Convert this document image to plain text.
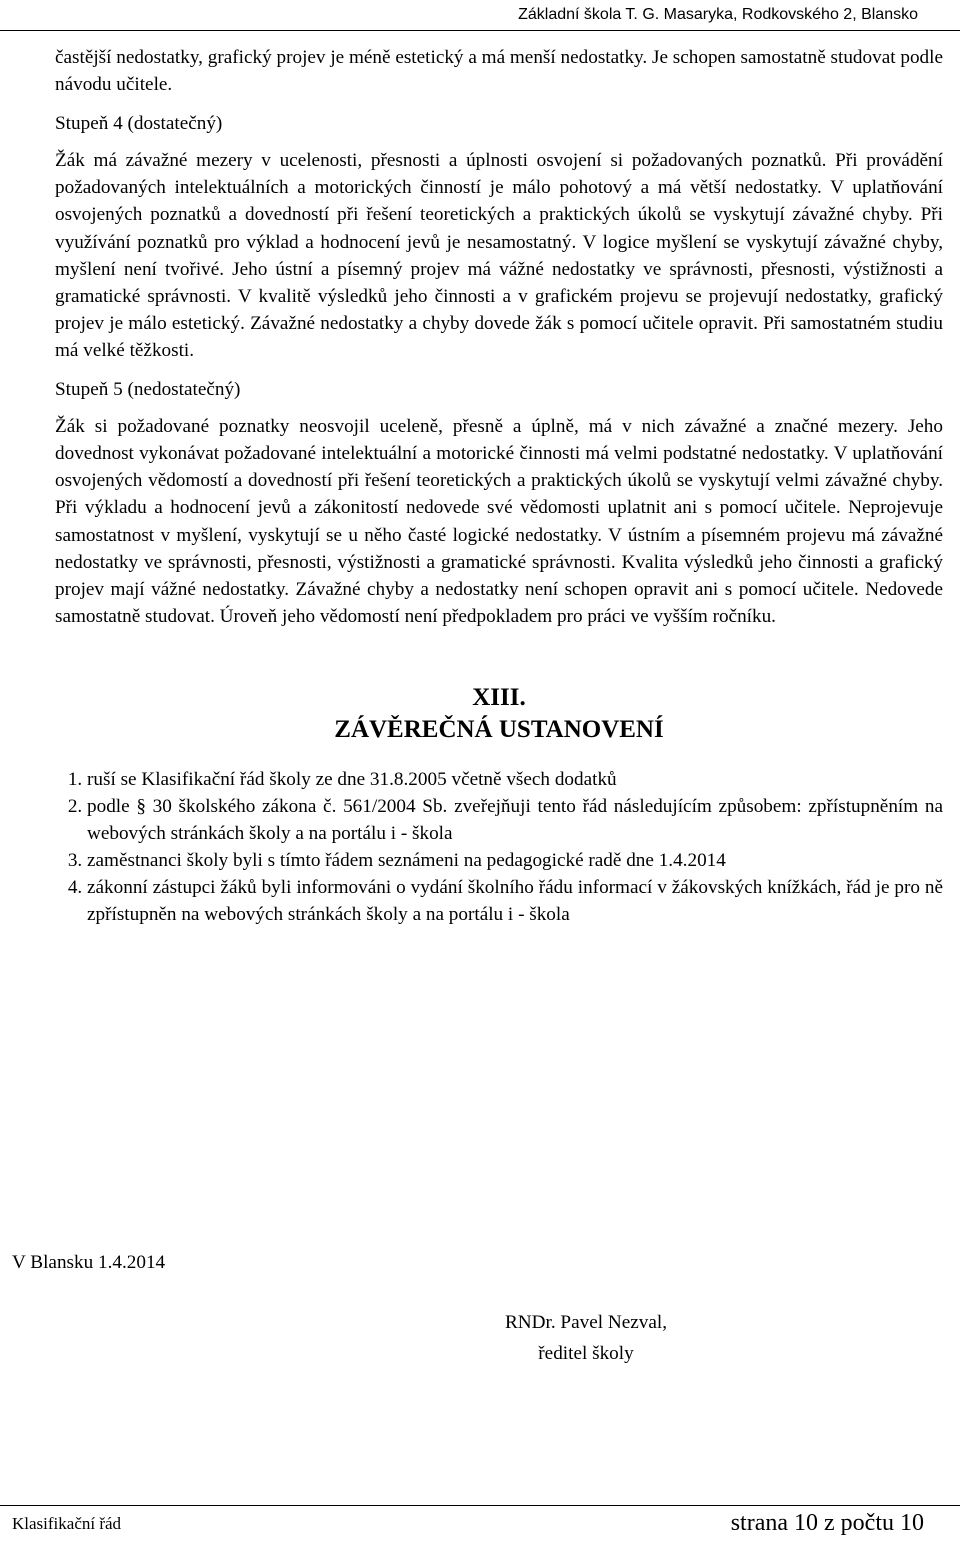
Základní škola T. G. Masaryka, Rodkovského 2, Blansko

častější nedostatky, grafický projev je méně estetický a má menší nedostatky. Je schopen samostatně studovat podle návodu učitele.

Stupeň 4 (dostatečný)

Žák má závažné mezery v ucelenosti, přesnosti a úplnosti osvojení si požadovaných poznatků. Při provádění požadovaných intelektuálních a motorických činností je málo pohotový a má větší nedostatky. V uplatňování osvojených poznatků a dovedností při řešení teoretických a praktických úkolů se vyskytují závažné chyby. Při využívání poznatků pro výklad a hodnocení jevů je nesamostatný. V logice myšlení se vyskytují závažné chyby, myšlení není tvořivé. Jeho ústní a písemný projev má vážné nedostatky ve správnosti, přesnosti, výstižnosti a gramatické správnosti. V kvalitě výsledků jeho činnosti a v grafickém projevu se projevují nedostatky, grafický projev je málo estetický. Závažné nedostatky a chyby dovede žák s pomocí učitele opravit. Při samostatném studiu má velké těžkosti.

Stupeň 5 (nedostatečný)

Žák si požadované poznatky neosvojil uceleně, přesně a úplně, má v nich závažné a značné mezery. Jeho dovednost vykonávat požadované intelektuální a motorické činnosti má velmi podstatné nedostatky. V uplatňování osvojených vědomostí a dovedností při řešení teoretických a praktických úkolů se vyskytují velmi závažné chyby. Při výkladu a hodnocení jevů a zákonitostí nedovede své vědomosti uplatnit ani s pomocí učitele. Neprojevuje samostatnost v myšlení, vyskytují se u něho časté logické nedostatky. V ústním a písemném projevu má závažné nedostatky ve správnosti, přesnosti, výstižnosti a gramatické správnosti. Kvalita výsledků jeho činnosti a grafický projev mají vážné nedostatky. Závažné chyby a nedostatky není schopen opravit ani s pomocí učitele. Nedovede samostatně studovat. Úroveň jeho vědomostí není předpokladem pro práci ve vyšším ročníku.

XIII.
ZÁVĚREČNÁ USTANOVENÍ
1. ruší se Klasifikační řád školy ze dne 31.8.2005 včetně všech dodatků
2. podle § 30 školského zákona č. 561/2004 Sb. zveřejňuji tento řád následujícím způsobem: zpřístupněním na webových stránkách školy a na portálu i - škola
3. zaměstnanci školy byli s tímto řádem seznámeni na pedagogické radě dne 1.4.2014
4. zákonní zástupci žáků byli informováni o vydání školního řádu informací v žákovských knížkách, řád je pro ně zpřístupněn na webových stránkách školy a na portálu i - škola
V Blansku 1.4.2014
RNDr. Pavel Nezval,
ředitel školy
Klasifikační řád	strana 10 z počtu 10
